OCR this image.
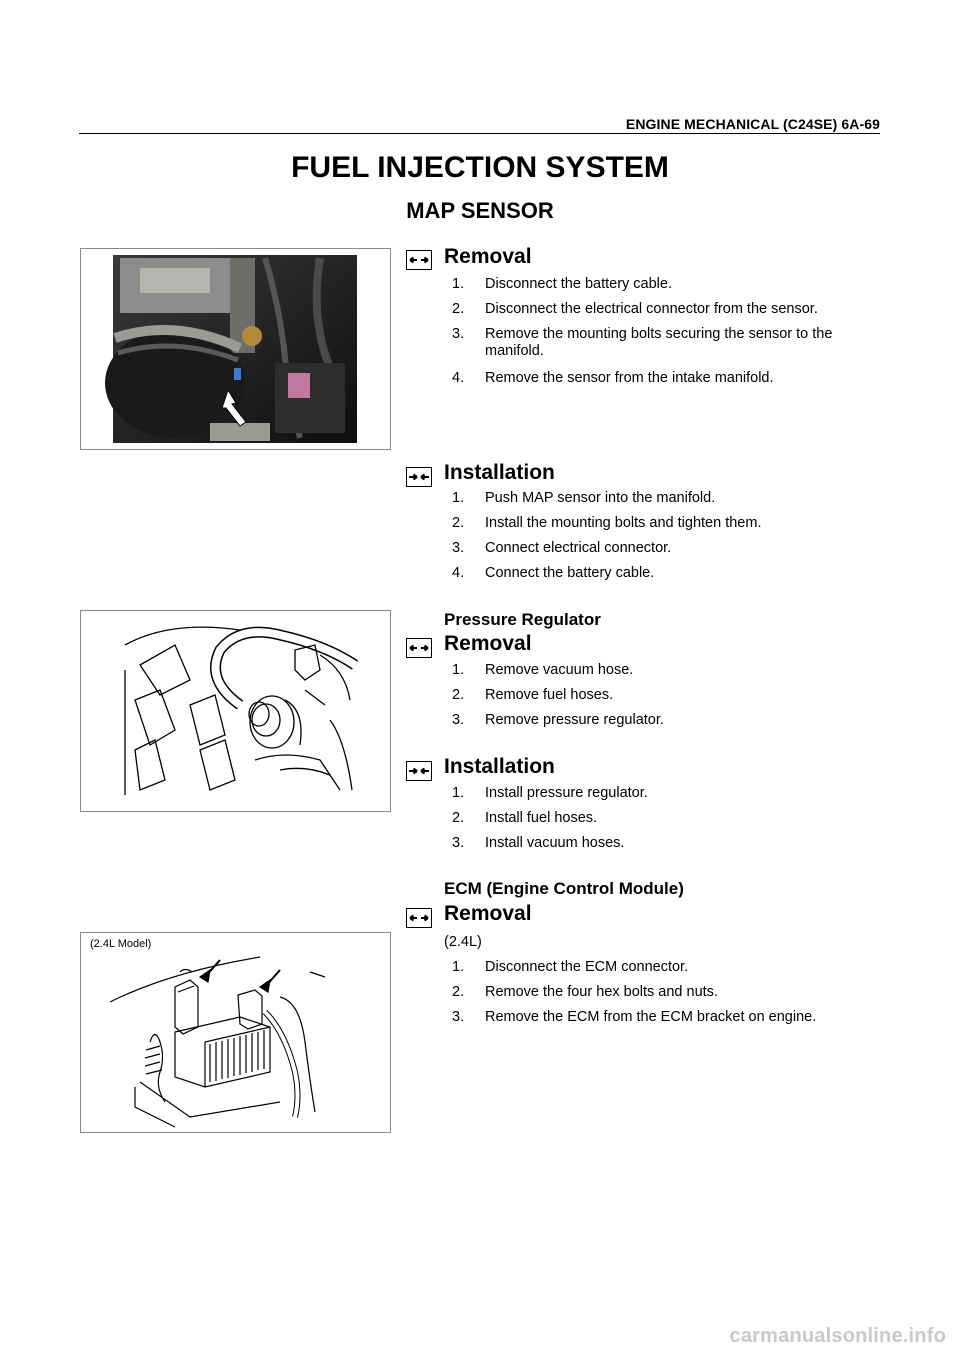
ENGINE MECHANICAL (C24SE) 6A-69
FUEL INJECTION SYSTEM
MAP SENSOR
Removal
1. Disconnect the battery cable.
2. Disconnect the electrical connector from the sensor.
3. Remove the mounting bolts securing the sensor to the manifold.
4. Remove the sensor from the intake manifold.
Installation
1. Push MAP sensor into the manifold.
2. Install the mounting bolts and tighten them.
3. Connect electrical connector.
4. Connect the battery cable.
Pressure Regulator
Removal
1. Remove vacuum hose.
2. Remove fuel hoses.
3. Remove pressure regulator.
Installation
1. Install pressure regulator.
2. Install fuel hoses.
3. Install vacuum hoses.
ECM (Engine Control Module)
Removal
(2.4L)
1. Disconnect the ECM connector.
2. Remove the four hex bolts and nuts.
3. Remove the ECM from the ECM bracket on engine.
(2.4L Model)
carmanualsonline.info
